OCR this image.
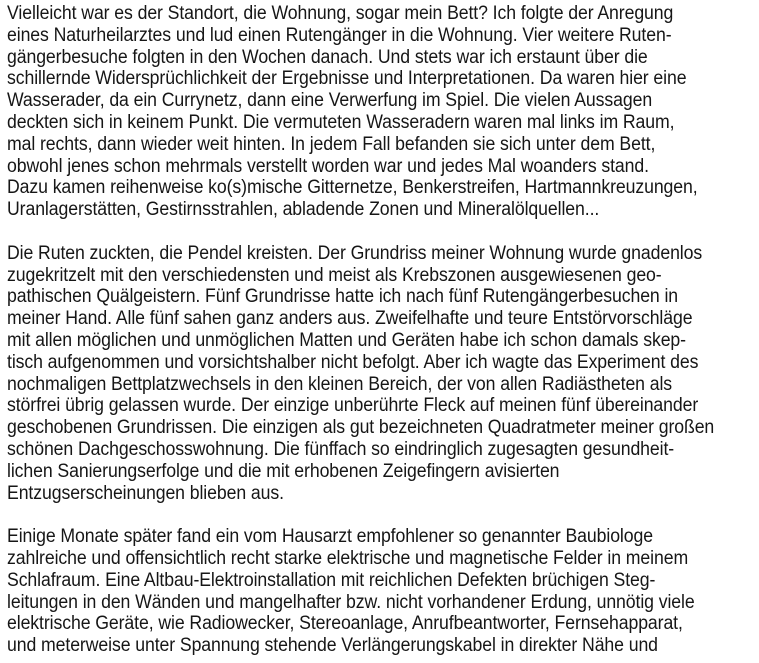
Vielleicht war es der Standort, die Wohnung, sogar mein Bett? Ich folgte der Anregung
eines Naturheilarztes und lud einen Rutengänger in die Wohnung. Vier weitere Ruten-
gängerbesuche folgten in den Wochen danach. Und stets war ich erstaunt über die
schillernde Widersprüchlichkeit der Ergebnisse und Interpretationen. Da waren hier eine
Wasserader, da ein Currynetz, dann eine Verwerfung im Spiel. Die vielen Aussagen
deckten sich in keinem Punkt. Die vermuteten Wasseradern waren mal links im Raum,
mal rechts, dann wieder weit hinten. In jedem Fall befanden sie sich unter dem Bett,
obwohl jenes schon mehrmals verstellt worden war und jedes Mal woanders stand.
Dazu kamen reihenweise ko(s)mische Gitternetze, Benkerstreifen, Hartmannkreuzungen,
Uranlagerstätten, Gestirnsstrahlen, abladende Zonen und Mineralölquellen...
Die Ruten zuckten, die Pendel kreisten. Der Grundriss meiner Wohnung wurde gnadenlos
zugekritzelt mit den verschiedensten und meist als Krebszonen ausgewiesenen geo-
pathischen Quälgeistern. Fünf Grundrisse hatte ich nach fünf Rutengängerbesuchen in
meiner Hand. Alle fünf sahen ganz anders aus. Zweifelhafte und teure Entstörvorschläge
mit allen möglichen und unmöglichen Matten und Geräten habe ich schon damals skep-
tisch aufgenommen und vorsichtshalber nicht befolgt. Aber ich wagte das Experiment des
nochmaligen Bettplatzwechsels in den kleinen Bereich, der von allen Radiästheten als
störfrei übrig gelassen wurde. Der einzige unberührte Fleck auf meinen fünf übereinander
geschobenen Grundrissen. Die einzigen als gut bezeichneten Quadratmeter meiner großen
schönen Dachgeschosswohnung. Die fünffach so eindringlich zugesagten gesundheit-
lichen Sanierungserfolge und die mit erhobenen Zeigefingern avisierten
Entzugserscheinungen blieben aus.
Einige Monate später fand ein vom Hausarzt empfohlener so genannter Baubiologe
zahlreiche und offensichtlich recht starke elektrische und magnetische Felder in meinem
Schlafraum. Eine Altbau-Elektroinstallation mit reichlichen Defekten brüchigen Steg-
leitungen in den Wänden und mangelhafter bzw. nicht vorhandener Erdung, unnötig viele
elektrische Geräte, wie Radiowecker, Stereoanlage, Anrufbeantworter, Fernsehapparat,
und meterweise unter Spannung stehende Verlängerungskabel in direkter Nähe und
